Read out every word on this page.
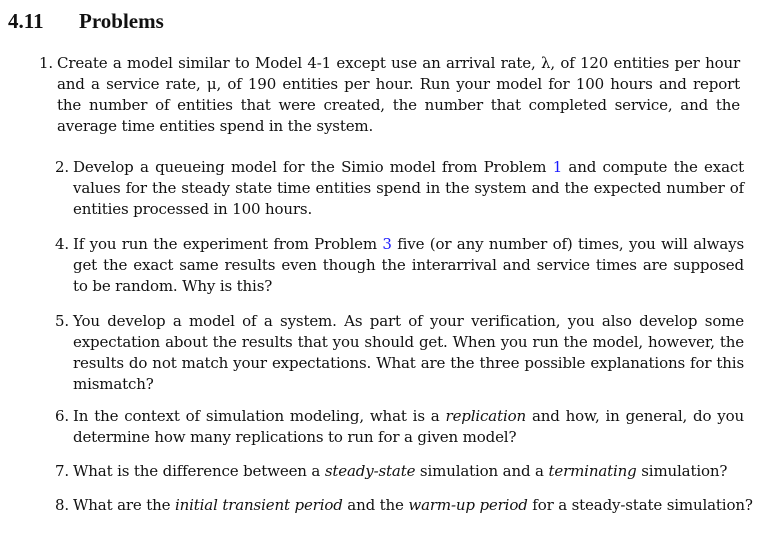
4.11 Problems
1. Create a model similar to Model 4-1 except use an arrival rate, λ, of 120 entities per hour and a service rate, μ, of 190 entities per hour. Run your model for 100 hours and report the number of entities that were created, the number that completed service, and the average time entities spend in the system.
2. Develop a queueing model for the Simio model from Problem 1 and compute the exact values for the steady state time entities spend in the system and the expected number of entities processed in 100 hours.
4. If you run the experiment from Problem 3 five (or any number of) times, you will always get the exact same results even though the interarrival and service times are supposed to be random. Why is this?
5. You develop a model of a system. As part of your verification, you also develop some expectation about the results that you should get. When you run the model, however, the results do not match your expectations. What are the three possible explanations for this mismatch?
6. In the context of simulation modeling, what is a replication and how, in general, do you determine how many replications to run for a given model?
7. What is the difference between a steady-state simulation and a terminating simulation?
8. What are the initial transient period and the warm-up period for a steady-state simulation?
